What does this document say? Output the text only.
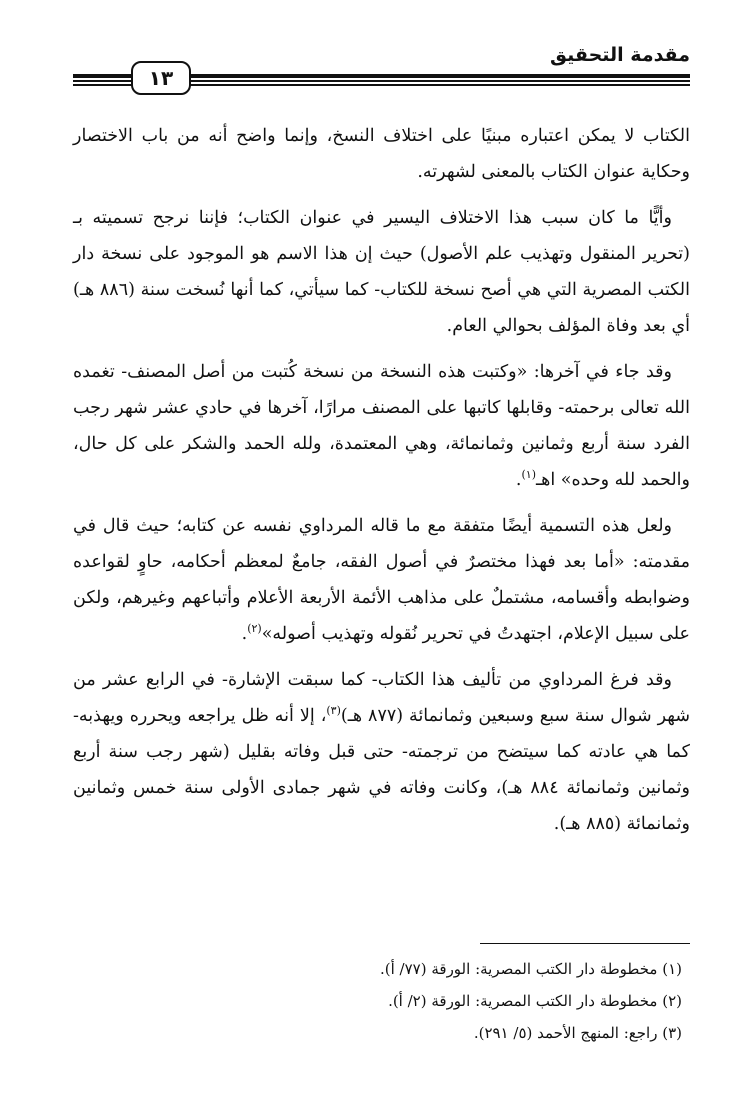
مقدمة التحقيق
١٣

الكتاب لا يمكن اعتباره مبنيًا على اختلاف النسخ، وإنما واضح أنه من باب الاختصار وحكاية عنوان الكتاب بالمعنى لشهرته.

وأيًّا ما كان سبب هذا الاختلاف اليسير في عنوان الكتاب؛ فإننا نرجح تسميته بـ (تحرير المنقول وتهذيب علم الأصول) حيث إن هذا الاسم هو الموجود على نسخة دار الكتب المصرية التي هي أصح نسخة للكتاب- كما سيأتي، كما أنها نُسخت سنة (٨٨٦ هـ) أي بعد وفاة المؤلف بحوالي العام.

وقد جاء في آخرها: «وكتبت هذه النسخة من نسخة كُتبت من أصل المصنف- تغمده الله تعالى برحمته- وقابلها كاتبها على المصنف مرارًا، آخرها في حادي عشر شهر رجب الفرد سنة أربع وثمانين وثمانمائة، وهي المعتمدة، ولله الحمد والشكر على كل حال، والحمد لله وحده» اهـ$^{(١)}$.

ولعل هذه التسمية أيضًا متفقة مع ما قاله المرداوي نفسه عن كتابه؛ حيث قال في مقدمته: «أما بعد فهذا مختصرٌ في أصول الفقه، جامعٌ لمعظم أحكامه، حاوٍ لقواعده وضوابطه وأقسامه، مشتملٌ على مذاهب الأئمة الأربعة الأعلام وأتباعهم وغيرهم، ولكن على سبيل الإعلام، اجتهدتُ في تحرير نُقوله وتهذيب أصوله»$^{(٢)}$.

وقد فرغ المرداوي من تأليف هذا الكتاب- كما سبقت الإشارة- في الرابع عشر من شهر شوال سنة سبع وسبعين وثمانمائة (٨٧٧ هـ)$^{(٣)}$، إلا أنه ظل يراجعه ويحرره ويهذبه- كما هي عادته كما سيتضح من ترجمته- حتى قبل وفاته بقليل (شهر رجب سنة أربع وثمانين وثمانمائة ٨٨٤ هـ)، وكانت وفاته في شهر جمادى الأولى سنة خمس وثمانين وثمانمائة (٨٨٥ هـ).

(١) مخطوطة دار الكتب المصرية: الورقة (٧٧/ أ).

(٢) مخطوطة دار الكتب المصرية: الورقة (٢/ أ).

(٣) راجع: المنهج الأحمد (٥/ ٢٩١).
